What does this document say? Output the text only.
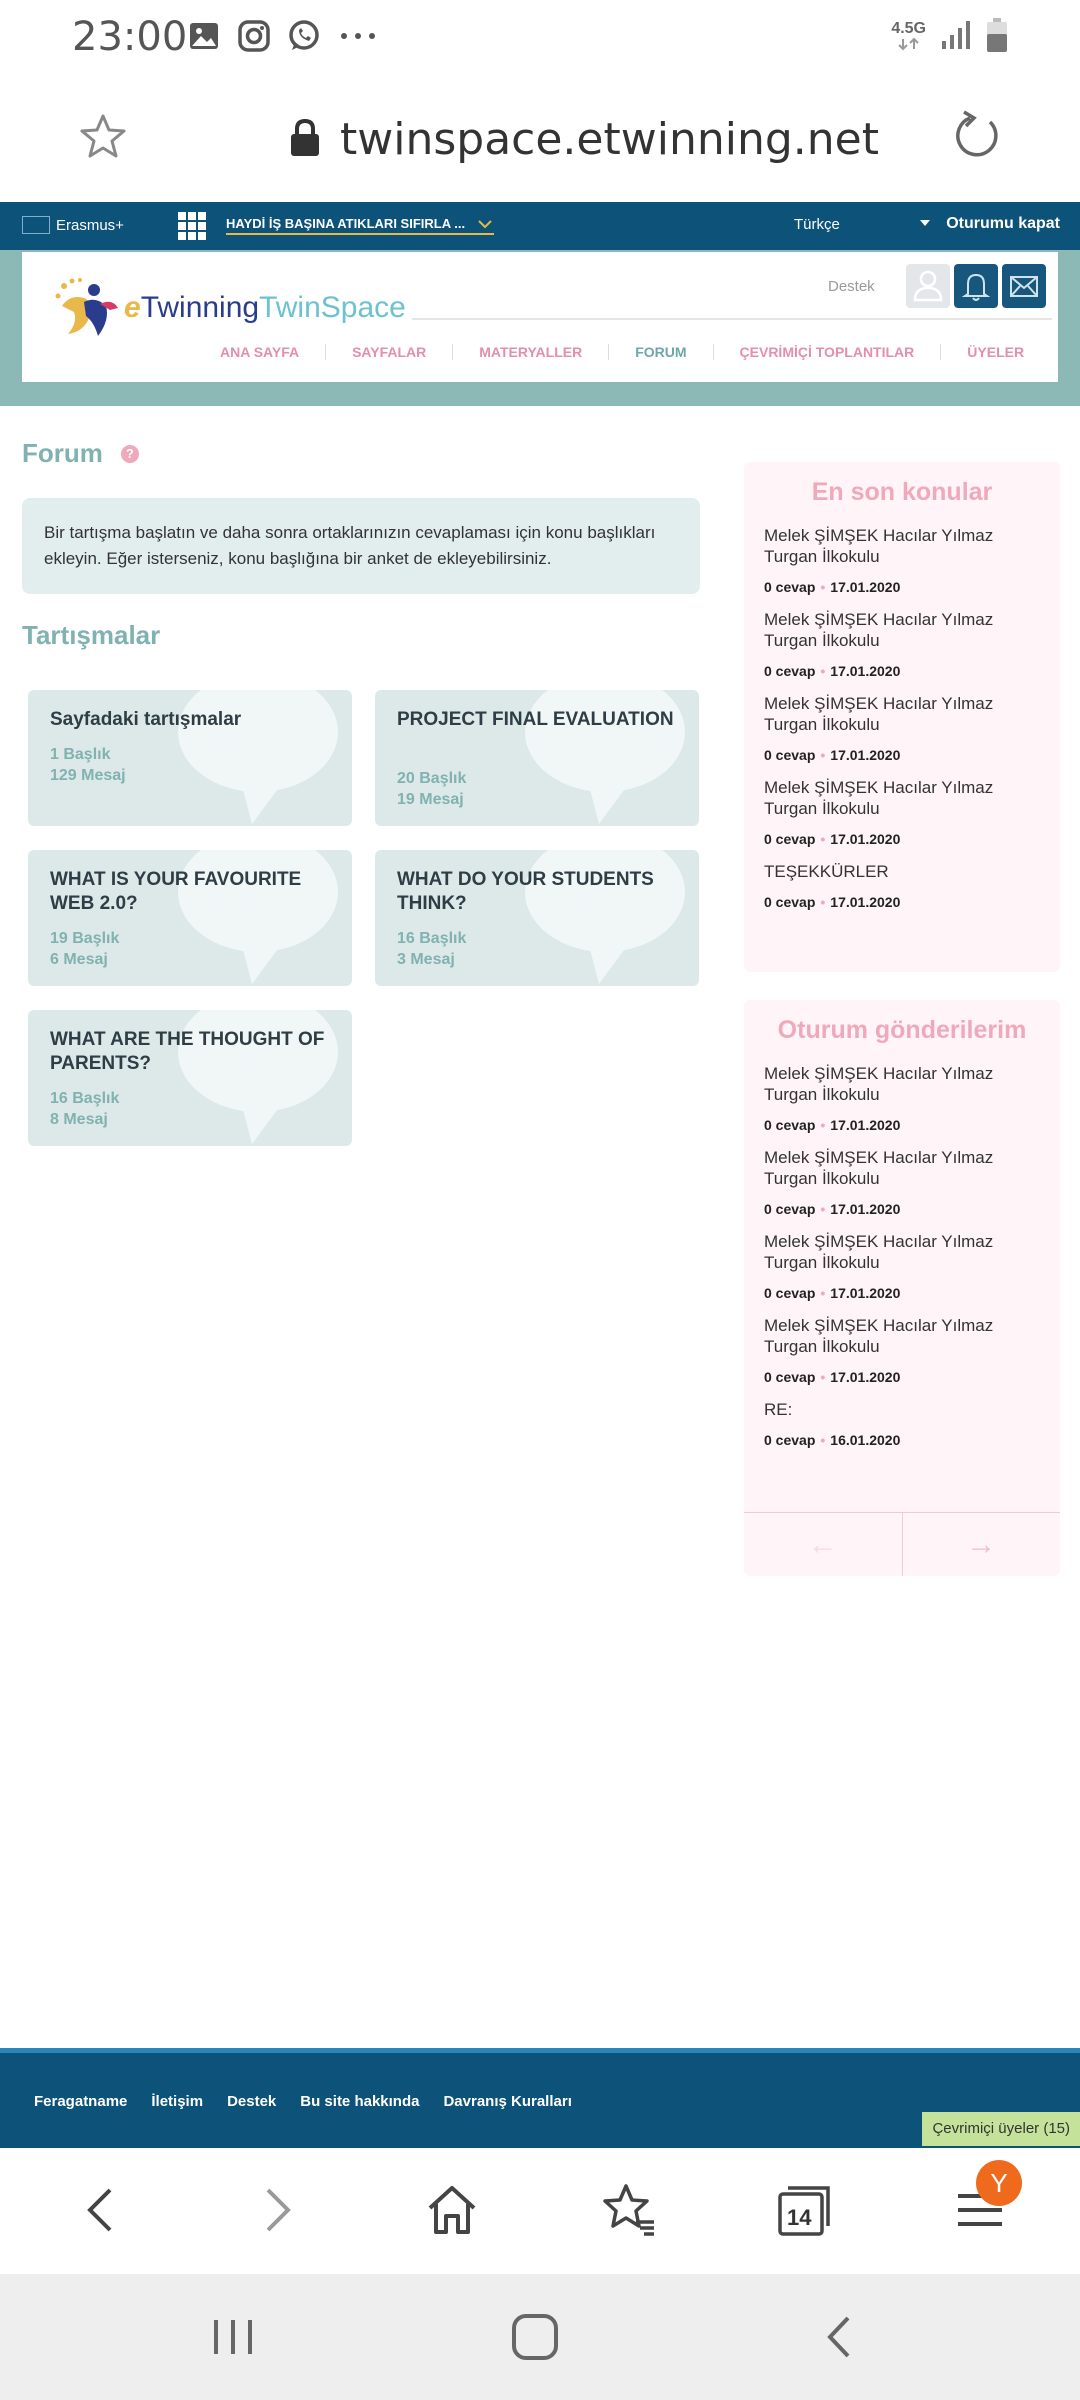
23:00	4.5G
twinspace.etwinning.net
Erasmus+	HAYDİ İŞ BAŞINA ATIKLARI SIFIRLA ...	Türkçe	Oturumu kapat
eTwinningTwinSpace
Destek
ANA SAYFA	SAYFALAR	MATERYALLER	FORUM	ÇEVRİMİÇİ TOPLANTILAR	ÜYELER
Forum	?
Bir tartışma başlatın ve daha sonra ortaklarınızın cevaplaması için konu başlıkları ekleyin. Eğer isterseniz, konu başlığına bir anket de ekleyebilirsiniz.
Tartışmalar
Sayfadaki tartışmalar
1 Başlık
129 Mesaj
PROJECT FINAL EVALUATION
20 Başlık
19 Mesaj
WHAT IS YOUR FAVOURITE WEB 2.0?
19 Başlık
6 Mesaj
WHAT DO YOUR STUDENTS THINK?
16 Başlık
3 Mesaj
WHAT ARE THE THOUGHT OF PARENTS?
16 Başlık
8 Mesaj
En son konular
Melek ŞİMŞEK Hacılar Yılmaz Turgan İlkokulu
0 cevap • 17.01.2020
Melek ŞİMŞEK Hacılar Yılmaz Turgan İlkokulu
0 cevap • 17.01.2020
Melek ŞİMŞEK Hacılar Yılmaz Turgan İlkokulu
0 cevap • 17.01.2020
Melek ŞİMŞEK Hacılar Yılmaz Turgan İlkokulu
0 cevap • 17.01.2020
TEŞEKKÜRLER
0 cevap • 17.01.2020
Oturum gönderilerim
Melek ŞİMŞEK Hacılar Yılmaz Turgan İlkokulu
0 cevap • 17.01.2020
Melek ŞİMŞEK Hacılar Yılmaz Turgan İlkokulu
0 cevap • 17.01.2020
Melek ŞİMŞEK Hacılar Yılmaz Turgan İlkokulu
0 cevap • 17.01.2020
Melek ŞİMŞEK Hacılar Yılmaz Turgan İlkokulu
0 cevap • 17.01.2020
RE:
0 cevap • 16.01.2020
←	→
Feragatname İletişim Destek Bu site hakkında Davranış Kuralları
Çevrimiçi üyeler (15)
14
Y
